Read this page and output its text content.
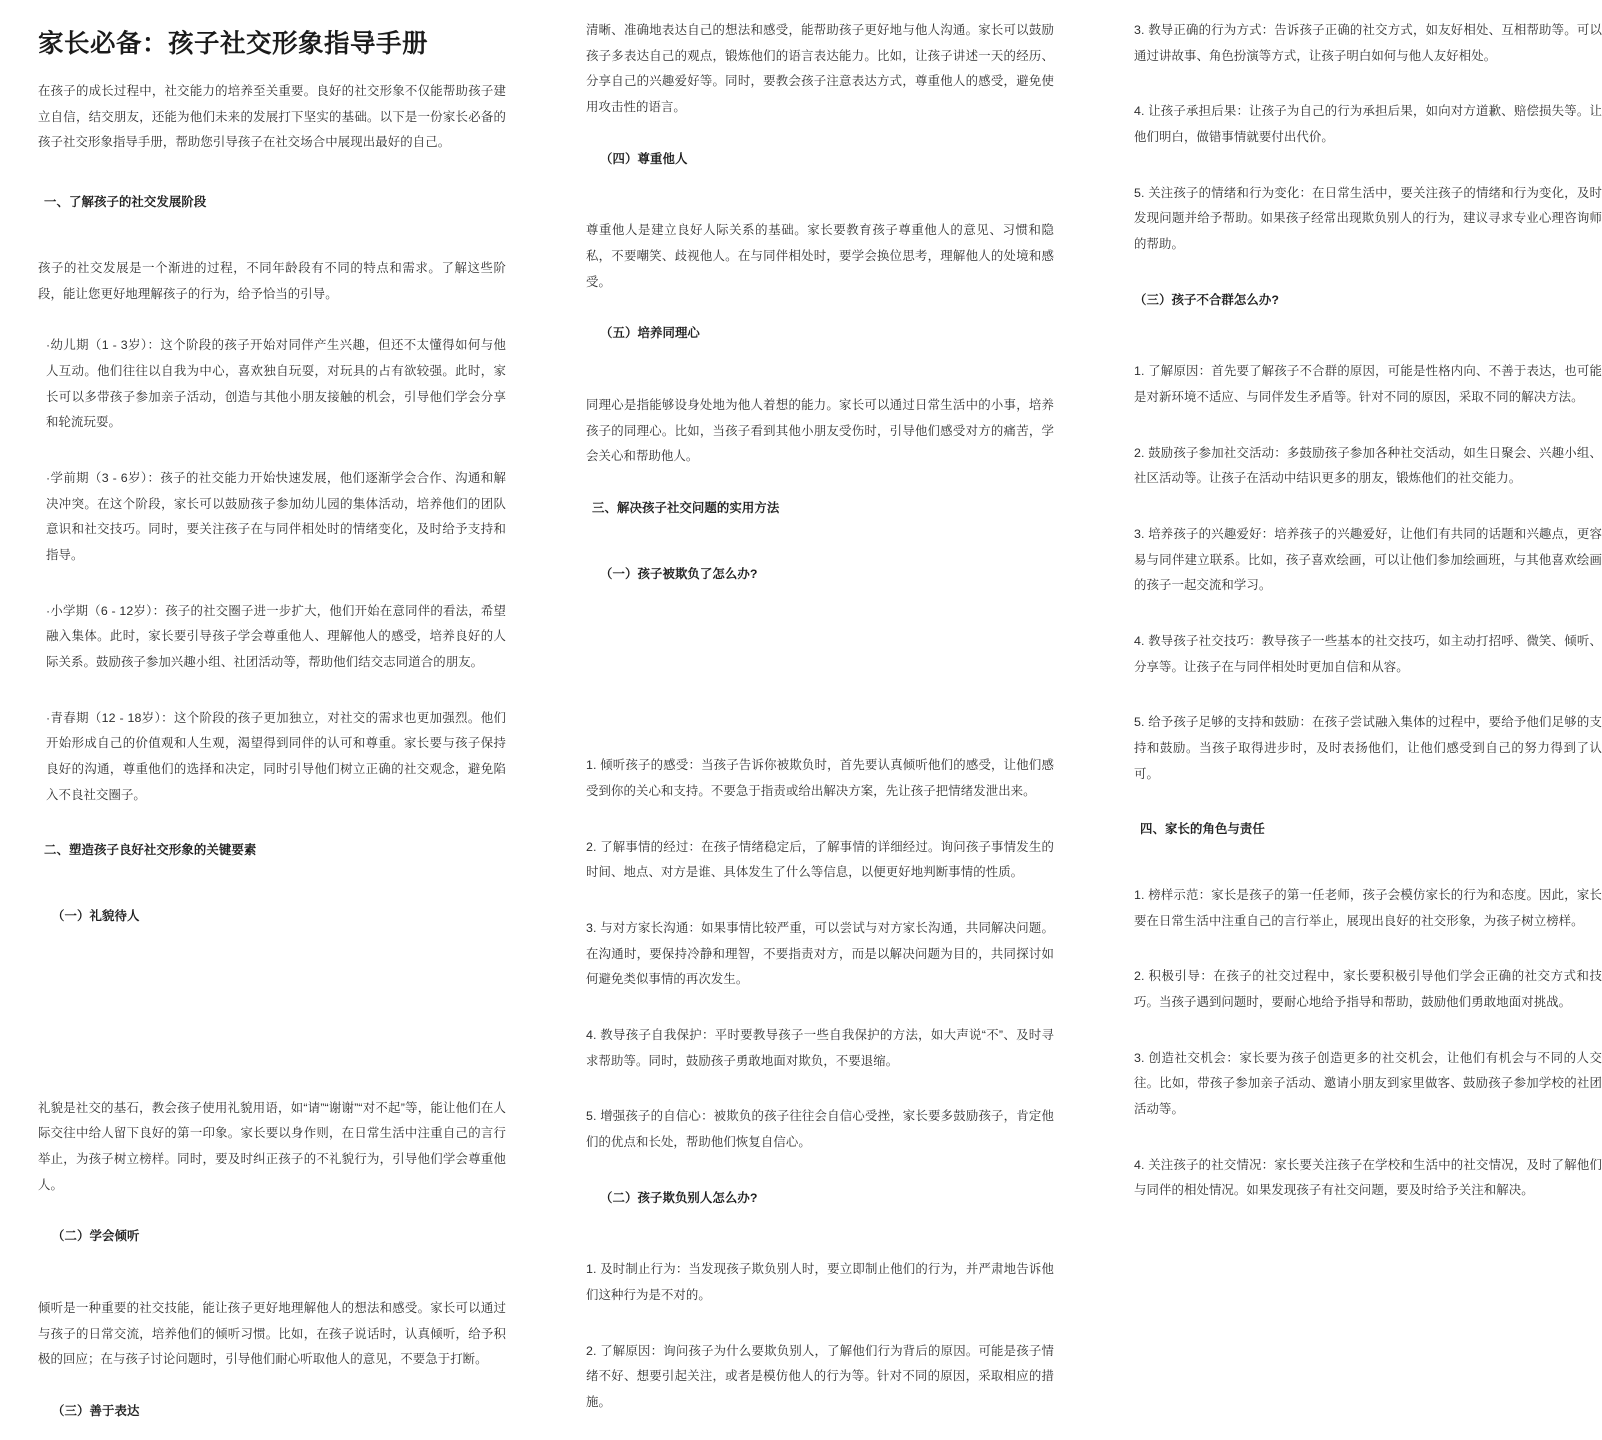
家长必备：孩子社交形象指导手册

在孩子的成长过程中，社交能力的培养至关重要。良好的社交形象不仅能帮助孩子建立自信，结交朋友，还能为他们未来的发展打下坚实的基础。以下是一份家长必备的孩子社交形象指导手册，帮助您引导孩子在社交场合中展现出最好的自己。

一、了解孩子的社交发展阶段

孩子的社交发展是一个渐进的过程，不同年龄段有不同的特点和需求。了解这些阶段，能让您更好地理解孩子的行为，给予恰当的引导。

·幼儿期（1 - 3岁）：这个阶段的孩子开始对同伴产生兴趣，但还不太懂得如何与他人互动。他们往往以自我为中心，喜欢独自玩耍，对玩具的占有欲较强。此时，家长可以多带孩子参加亲子活动，创造与其他小朋友接触的机会，引导他们学会分享和轮流玩耍。

·学前期（3 - 6岁）：孩子的社交能力开始快速发展，他们逐渐学会合作、沟通和解决冲突。在这个阶段，家长可以鼓励孩子参加幼儿园的集体活动，培养他们的团队意识和社交技巧。同时，要关注孩子在与同伴相处时的情绪变化，及时给予支持和指导。

·小学期（6 - 12岁）：孩子的社交圈子进一步扩大，他们开始在意同伴的看法，希望融入集体。此时，家长要引导孩子学会尊重他人、理解他人的感受，培养良好的人际关系。鼓励孩子参加兴趣小组、社团活动等，帮助他们结交志同道合的朋友。

·青春期（12 - 18岁）：这个阶段的孩子更加独立，对社交的需求也更加强烈。他们开始形成自己的价值观和人生观，渴望得到同伴的认可和尊重。家长要与孩子保持良好的沟通，尊重他们的选择和决定，同时引导他们树立正确的社交观念，避免陷入不良社交圈子。

二、塑造孩子良好社交形象的关键要素

（一）礼貌待人

礼貌是社交的基石，教会孩子使用礼貌用语，如“请”“谢谢”“对不起”等，能让他们在人际交往中给人留下良好的第一印象。家长要以身作则，在日常生活中注重自己的言行举止，为孩子树立榜样。同时，要及时纠正孩子的不礼貌行为，引导他们学会尊重他人。

（二）学会倾听

倾听是一种重要的社交技能，能让孩子更好地理解他人的想法和感受。家长可以通过与孩子的日常交流，培养他们的倾听习惯。比如，在孩子说话时，认真倾听，给予积极的回应；在与孩子讨论问题时，引导他们耐心听取他人的意见，不要急于打断。

（三）善于表达

清晰、准确地表达自己的想法和感受，能帮助孩子更好地与他人沟通。家长可以鼓励孩子多表达自己的观点，锻炼他们的语言表达能力。比如，让孩子讲述一天的经历、分享自己的兴趣爱好等。同时，要教会孩子注意表达方式，尊重他人的感受，避免使用攻击性的语言。

（四）尊重他人

尊重他人是建立良好人际关系的基础。家长要教育孩子尊重他人的意见、习惯和隐私，不要嘲笑、歧视他人。在与同伴相处时，要学会换位思考，理解他人的处境和感受。

（五）培养同理心

同理心是指能够设身处地为他人着想的能力。家长可以通过日常生活中的小事，培养孩子的同理心。比如，当孩子看到其他小朋友受伤时，引导他们感受对方的痛苦，学会关心和帮助他人。

三、解决孩子社交问题的实用方法

（一）孩子被欺负了怎么办?

1. 倾听孩子的感受：当孩子告诉你被欺负时，首先要认真倾听他们的感受，让他们感受到你的关心和支持。不要急于指责或给出解决方案，先让孩子把情绪发泄出来。

2. 了解事情的经过：在孩子情绪稳定后，了解事情的详细经过。询问孩子事情发生的时间、地点、对方是谁、具体发生了什么等信息，以便更好地判断事情的性质。

3. 与对方家长沟通：如果事情比较严重，可以尝试与对方家长沟通，共同解决问题。在沟通时，要保持冷静和理智，不要指责对方，而是以解决问题为目的，共同探讨如何避免类似事情的再次发生。

4. 教导孩子自我保护：平时要教导孩子一些自我保护的方法，如大声说“不”、及时寻求帮助等。同时，鼓励孩子勇敢地面对欺负，不要退缩。

5. 增强孩子的自信心：被欺负的孩子往往会自信心受挫，家长要多鼓励孩子，肯定他们的优点和长处，帮助他们恢复自信心。

（二）孩子欺负别人怎么办?

1. 及时制止行为：当发现孩子欺负别人时，要立即制止他们的行为，并严肃地告诉他们这种行为是不对的。

2. 了解原因：询问孩子为什么要欺负别人，了解他们行为背后的原因。可能是孩子情绪不好、想要引起关注，或者是模仿他人的行为等。针对不同的原因，采取相应的措施。

3. 教导正确的行为方式：告诉孩子正确的社交方式，如友好相处、互相帮助等。可以通过讲故事、角色扮演等方式，让孩子明白如何与他人友好相处。

4. 让孩子承担后果：让孩子为自己的行为承担后果，如向对方道歉、赔偿损失等。让他们明白，做错事情就要付出代价。

5. 关注孩子的情绪和行为变化：在日常生活中，要关注孩子的情绪和行为变化，及时发现问题并给予帮助。如果孩子经常出现欺负别人的行为，建议寻求专业心理咨询师的帮助。

（三）孩子不合群怎么办?

1. 了解原因：首先要了解孩子不合群的原因，可能是性格内向、不善于表达，也可能是对新环境不适应、与同伴发生矛盾等。针对不同的原因，采取不同的解决方法。

2. 鼓励孩子参加社交活动：多鼓励孩子参加各种社交活动，如生日聚会、兴趣小组、社区活动等。让孩子在活动中结识更多的朋友，锻炼他们的社交能力。

3. 培养孩子的兴趣爱好：培养孩子的兴趣爱好，让他们有共同的话题和兴趣点，更容易与同伴建立联系。比如，孩子喜欢绘画，可以让他们参加绘画班，与其他喜欢绘画的孩子一起交流和学习。

4. 教导孩子社交技巧：教导孩子一些基本的社交技巧，如主动打招呼、微笑、倾听、分享等。让孩子在与同伴相处时更加自信和从容。

5. 给予孩子足够的支持和鼓励：在孩子尝试融入集体的过程中，要给予他们足够的支持和鼓励。当孩子取得进步时，及时表扬他们，让他们感受到自己的努力得到了认可。

四、家长的角色与责任

1. 榜样示范：家长是孩子的第一任老师，孩子会模仿家长的行为和态度。因此，家长要在日常生活中注重自己的言行举止，展现出良好的社交形象，为孩子树立榜样。

2. 积极引导：在孩子的社交过程中，家长要积极引导他们学会正确的社交方式和技巧。当孩子遇到问题时，要耐心地给予指导和帮助，鼓励他们勇敢地面对挑战。

3. 创造社交机会：家长要为孩子创造更多的社交机会，让他们有机会与不同的人交往。比如，带孩子参加亲子活动、邀请小朋友到家里做客、鼓励孩子参加学校的社团活动等。

4. 关注孩子的社交情况：家长要关注孩子在学校和生活中的社交情况，及时了解他们与同伴的相处情况。如果发现孩子有社交问题，要及时给予关注和解决。
